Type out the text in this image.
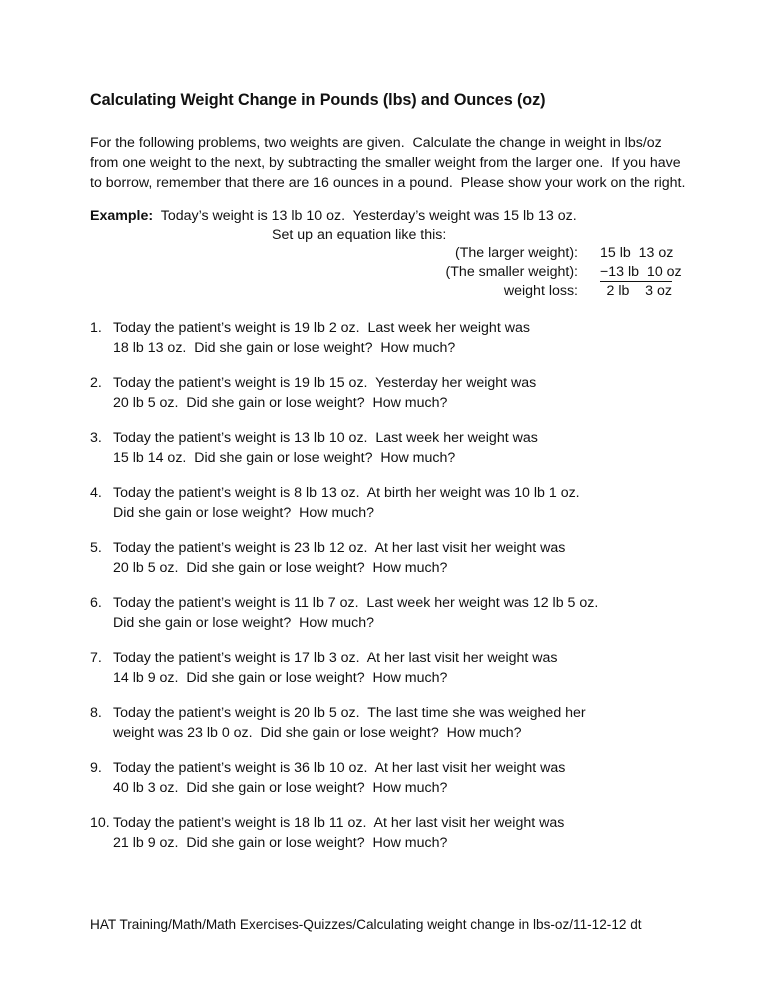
Calculating Weight Change in Pounds (lbs) and Ounces (oz)
For the following problems, two weights are given.  Calculate the change in weight in lbs/oz
from one weight to the next, by subtracting the smaller weight from the larger one.  If you have
to borrow, remember that there are 16 ounces in a pound.  Please show your work on the right.
Example: Today’s weight is 13 lb 10 oz.  Yesterday’s weight was 15 lb 13 oz.
Set up an equation like this:
(The larger weight): 15 lb  13 oz
(The smaller weight): −13 lb  10 oz
weight loss:	2 lb    3 oz
1. Today the patient’s weight is 19 lb 2 oz.  Last week her weight was
18 lb 13 oz.  Did she gain or lose weight?  How much?
2. Today the patient’s weight is 19 lb 15 oz.  Yesterday her weight was
20 lb 5 oz.  Did she gain or lose weight?  How much?
3. Today the patient’s weight is 13 lb 10 oz.  Last week her weight was
15 lb 14 oz.  Did she gain or lose weight?  How much?
4. Today the patient’s weight is 8 lb 13 oz.  At birth her weight was 10 lb 1 oz.
Did she gain or lose weight?  How much?
5. Today the patient’s weight is 23 lb 12 oz.  At her last visit her weight was
20 lb 5 oz.  Did she gain or lose weight?  How much?
6. Today the patient’s weight is 11 lb 7 oz.  Last week her weight was 12 lb 5 oz.
Did she gain or lose weight?  How much?
7. Today the patient’s weight is 17 lb 3 oz.  At her last visit her weight was
14 lb 9 oz.  Did she gain or lose weight?  How much?
8. Today the patient’s weight is 20 lb 5 oz.  The last time she was weighed her
weight was 23 lb 0 oz.  Did she gain or lose weight?  How much?
9. Today the patient’s weight is 36 lb 10 oz.  At her last visit her weight was
40 lb 3 oz.  Did she gain or lose weight?  How much?
10. Today the patient’s weight is 18 lb 11 oz.  At her last visit her weight was
21 lb 9 oz.  Did she gain or lose weight?  How much?
HAT Training/Math/Math Exercises-Quizzes/Calculating weight change in lbs-oz/11-12-12 dt
